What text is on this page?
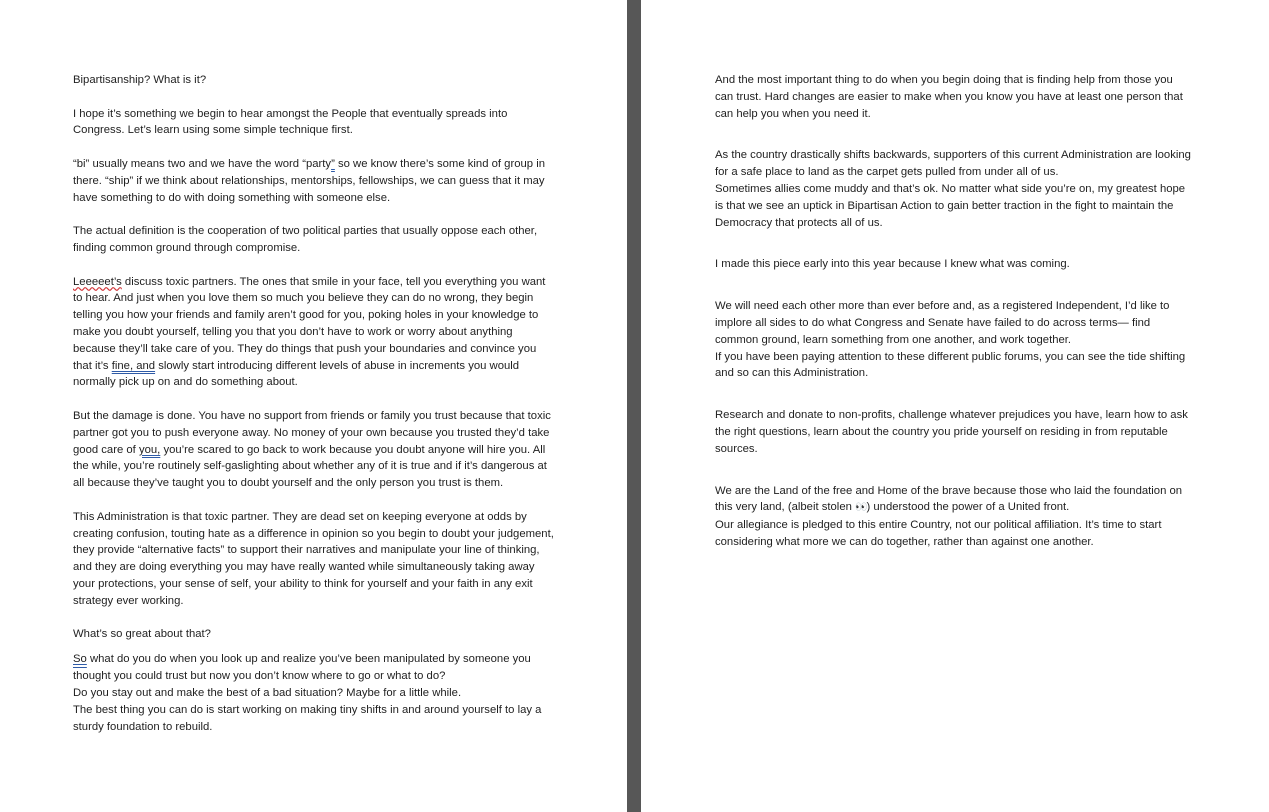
Bipartisanship? What is it?

I hope it’s something we begin to hear amongst the People that eventually spreads into Congress. Let’s learn using some simple technique first.

“bi” usually means two and we have the word “party” so we know there’s some kind of group in there. “ship” if we think about relationships, mentorships, fellowships, we can guess that it may have something to do with doing something with someone else.

The actual definition is the cooperation of two political parties that usually oppose each other, finding common ground through compromise.

Leeeeet’s discuss toxic partners. The ones that smile in your face, tell you everything you want to hear. And just when you love them so much you believe they can do no wrong, they begin telling you how your friends and family aren’t good for you, poking holes in your knowledge to make you doubt yourself, telling you that you don’t have to work or worry about anything because they’ll take care of you. They do things that push your boundaries and convince you that it’s fine, and slowly start introducing different levels of abuse in increments you would normally pick up on and do something about.

But the damage is done. You have no support from friends or family you trust because that toxic partner got you to push everyone away. No money of your own because you trusted they’d take good care of you, you’re scared to go back to work because you doubt anyone will hire you. All the while, you’re routinely self-gaslighting about whether any of it is true and if it’s dangerous at all because they’ve taught you to doubt yourself and the only person you trust is them.

This Administration is that toxic partner. They are dead set on keeping everyone at odds by creating confusion, touting hate as a difference in opinion so you begin to doubt your judgement, they provide “alternative facts” to support their narratives and manipulate your line of thinking, and they are doing everything you may have really wanted while simultaneously taking away your protections, your sense of self, your ability to think for yourself and your faith in any exit strategy ever working.

What’s so great about that?

So what do you do when you look up and realize you’ve been manipulated by someone you thought you could trust but now you don’t know where to go or what to do?

Do you stay out and make the best of a bad situation? Maybe for a little while.

The best thing you can do is start working on making tiny shifts in and around yourself to lay a sturdy foundation to rebuild.

And the most important thing to do when you begin doing that is finding help from those you can trust. Hard changes are easier to make when you know you have at least one person that can help you when you need it.

As the country drastically shifts backwards, supporters of this current Administration are looking for a safe place to land as the carpet gets pulled from under all of us.

Sometimes allies come muddy and that’s ok. No matter what side you’re on, my greatest hope is that we see an uptick in Bipartisan Action to gain better traction in the fight to maintain the Democracy that protects all of us.

I made this piece early into this year because I knew what was coming.

We will need each other more than ever before and, as a registered Independent, I’d like to implore all sides to do what Congress and Senate have failed to do across terms— find common ground, learn something from one another, and work together.

If you have been paying attention to these different public forums, you can see the tide shifting and so can this Administration.

Research and donate to non-profits, challenge whatever prejudices you have, learn how to ask the right questions, learn about the country you pride yourself on residing in from reputable sources.

We are the Land of the free and Home of the brave because those who laid the foundation on this very land, (albeit stolen 👀) understood the power of a United front.

Our allegiance is pledged to this entire Country, not our political affiliation. It’s time to start considering what more we can do together, rather than against one another.
